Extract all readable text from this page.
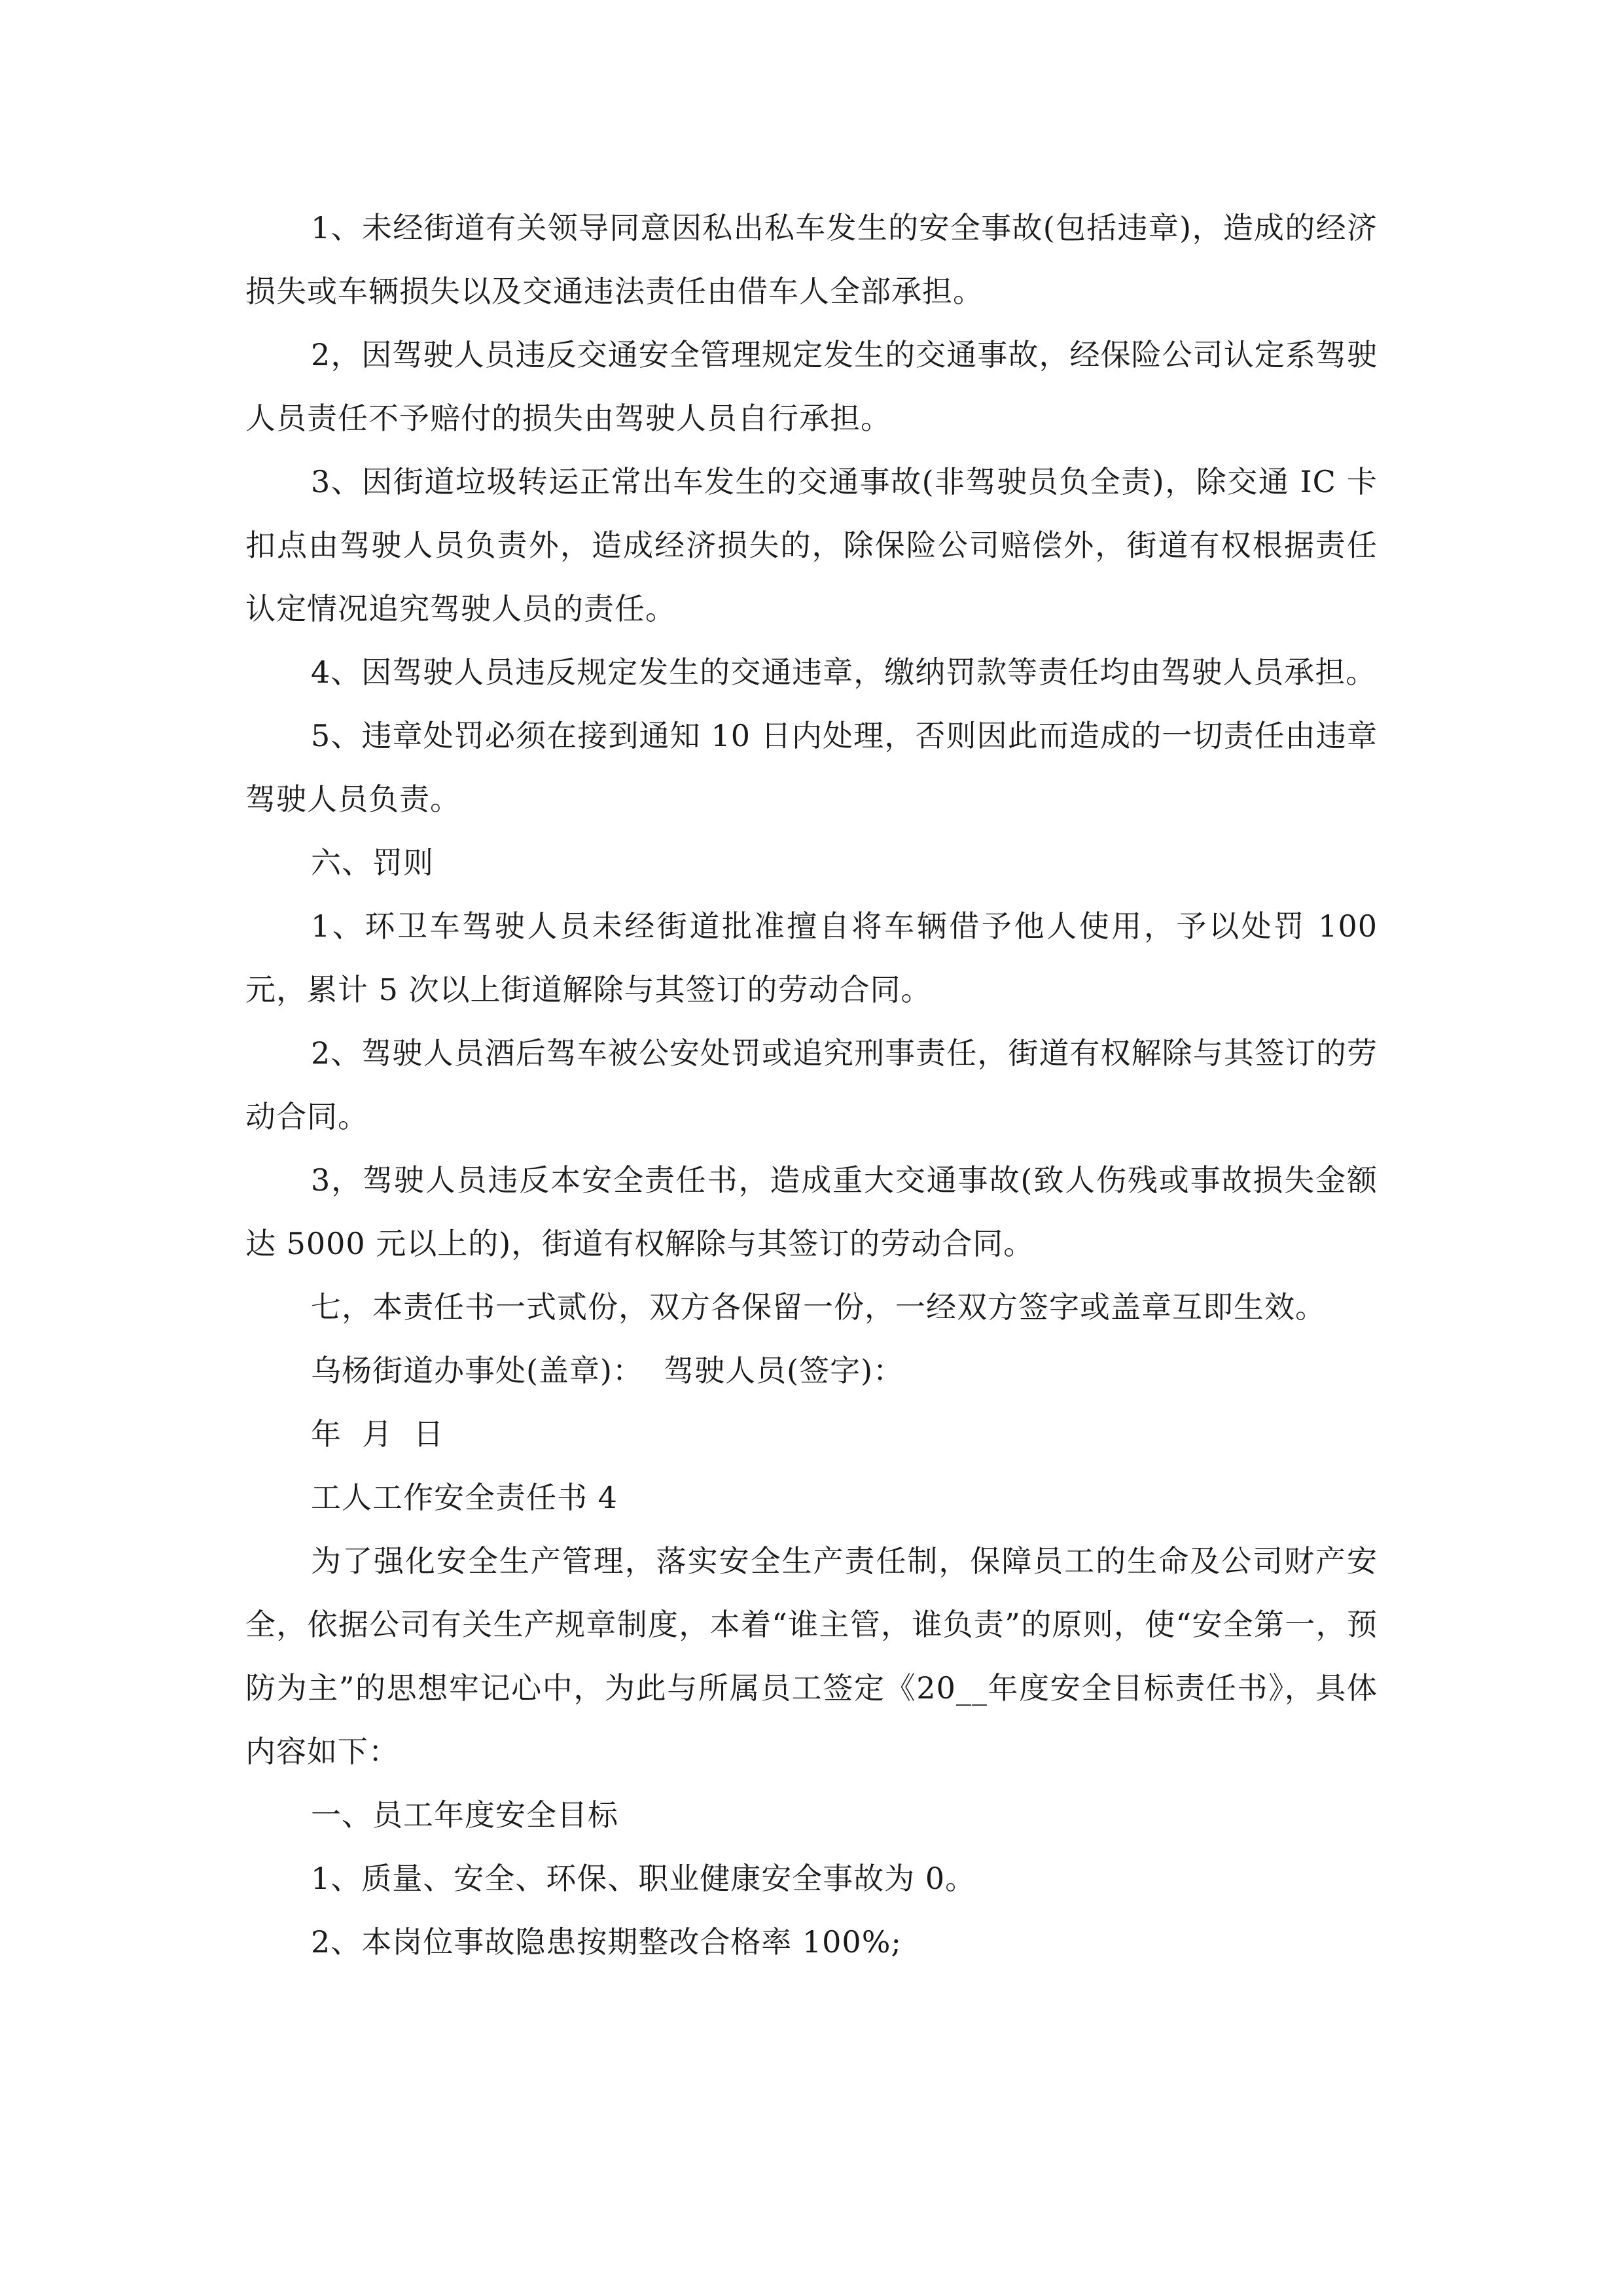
1、未经街道有关领导同意因私出私车发生的安全事故(包括违章)，造成的经济损失或车辆损失以及交通违法责任由借车人全部承担。

2，因驾驶人员违反交通安全管理规定发生的交通事故，经保险公司认定系驾驶人员责任不予赔付的损失由驾驶人员自行承担。

3、因街道垃圾转运正常出车发生的交通事故(非驾驶员负全责)，除交通 IC 卡扣点由驾驶人员负责外，造成经济损失的，除保险公司赔偿外，街道有权根据责任认定情况追究驾驶人员的责任。

4、因驾驶人员违反规定发生的交通违章，缴纳罚款等责任均由驾驶人员承担。

5、违章处罚必须在接到通知 10 日内处理，否则因此而造成的一切责任由违章驾驶人员负责。

六、罚则

1、环卫车驾驶人员未经街道批准擅自将车辆借予他人使用，予以处罚 100 元，累计 5 次以上街道解除与其签订的劳动合同。

2、驾驶人员酒后驾车被公安处罚或追究刑事责任，街道有权解除与其签订的劳动合同。

3，驾驶人员违反本安全责任书，造成重大交通事故(致人伤残或事故损失金额达 5000 元以上的)，街道有权解除与其签订的劳动合同。

七，本责任书一式贰份，双方各保留一份，一经双方签字或盖章互即生效。

乌杨街道办事处(盖章)：  驾驶人员(签字)：

年  月  日

工人工作安全责任书 4

为了强化安全生产管理，落实安全生产责任制，保障员工的生命及公司财产安全，依据公司有关生产规章制度，本着“谁主管，谁负责”的原则，使“安全第一，预防为主”的思想牢记心中，为此与所属员工签定《20__年度安全目标责任书》，具体内容如下：

一、员工年度安全目标

1、质量、安全、环保、职业健康安全事故为 0。

2、本岗位事故隐患按期整改合格率 100%;
